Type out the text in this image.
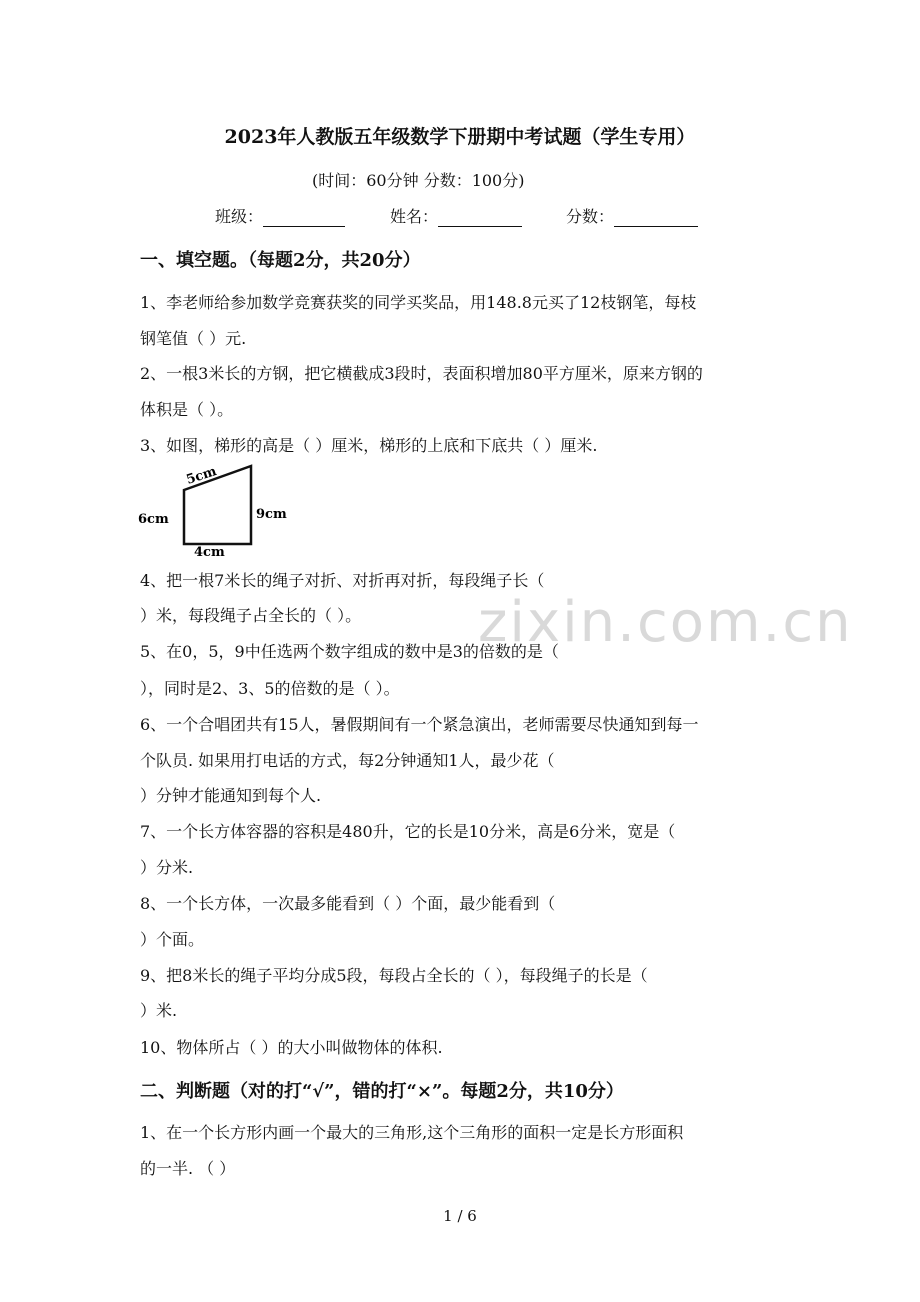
2023年人教版五年级数学下册期中考试题（学生专用）
(时间：60分钟 分数：100分)
班级：	姓名：	分数：
一、填空题。（每题2分，共20分）
1、李老师给参加数学竞赛获奖的同学买奖品，用148.8元买了12枝钢笔，每枝
钢笔值（ ）元.
2、一根3米长的方钢，把它横截成3段时，表面积增加80平方厘米，原来方钢的
体积是（ ）。
3、如图，梯形的高是（ ）厘米，梯形的上底和下底共（ ）厘米.
5cm
6cm	9cm
4cm
4、把一根7米长的绳子对折、对折再对折，每段绳子长（
）米，每段绳子占全长的（ ）。
5、在0，5，9中任选两个数字组成的数中是3的倍数的是（
），同时是2、3、5的倍数的是（ ）。
6、一个合唱团共有15人，暑假期间有一个紧急演出，老师需要尽快通知到每一
个队员. 如果用打电话的方式，每2分钟通知1人，最少花（
）分钟才能通知到每个人.
7、一个长方体容器的容积是480升，它的长是10分米，高是6分米，宽是（
）分米.
8、一个长方体，一次最多能看到（ ）个面，最少能看到（
）个面。
9、把8米长的绳子平均分成5段，每段占全长的（ ），每段绳子的长是（
）米.
10、物体所占（ ）的大小叫做物体的体积.
二、判断题（对的打“√”，错的打“×”。每题2分，共10分）
1、在一个长方形内画一个最大的三角形,这个三角形的面积一定是长方形面积
的一半. （ ）
zixin.com.cn
1 / 6
